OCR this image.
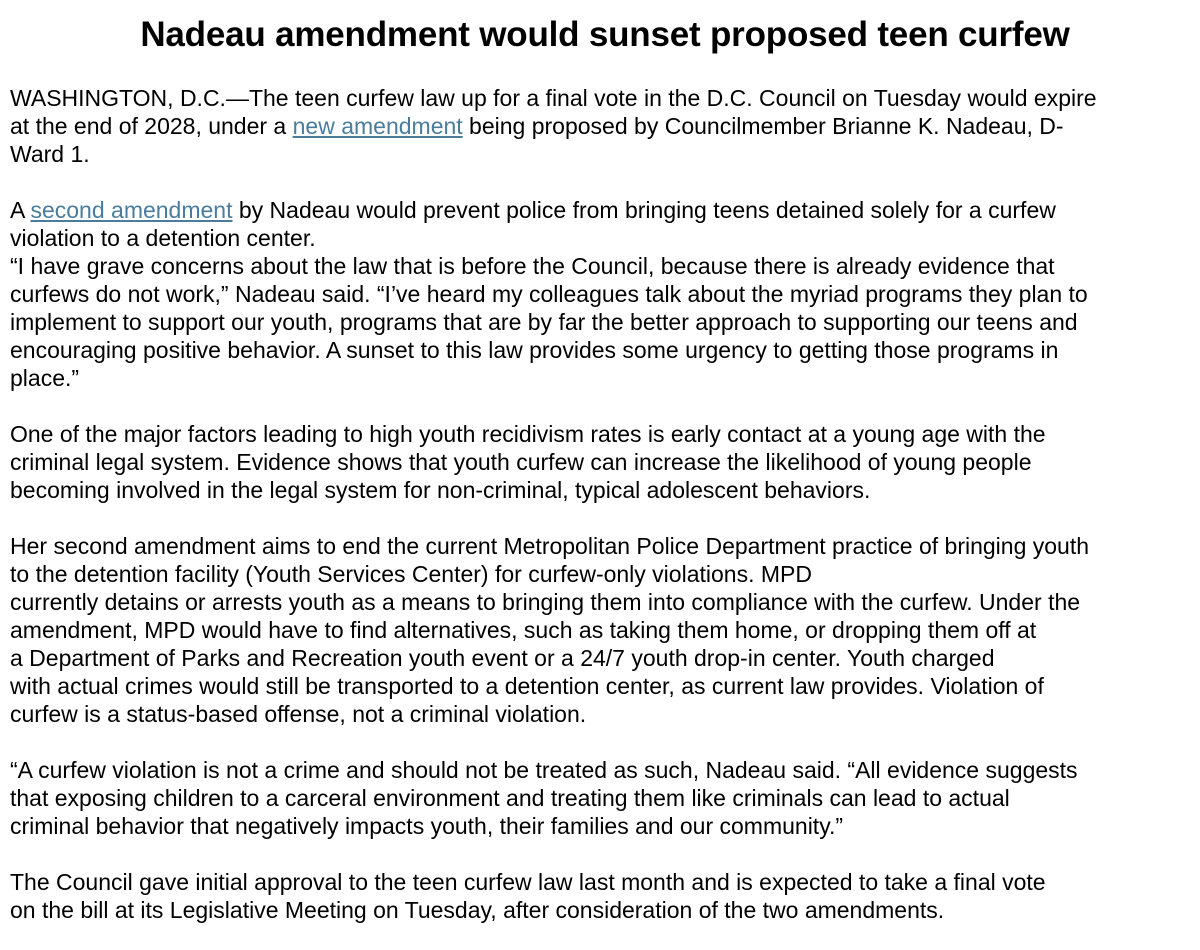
Nadeau amendment would sunset proposed teen curfew

WASHINGTON, D.C.—The teen curfew law up for a final vote in the D.C. Council on Tuesday would expire
at the end of 2028, under a new amendment being proposed by Councilmember Brianne K. Nadeau, D-
Ward 1.

A second amendment by Nadeau would prevent police from bringing teens detained solely for a curfew
violation to a detention center.

“I have grave concerns about the law that is before the Council, because there is already evidence that
curfews do not work,” Nadeau said. “I’ve heard my colleagues talk about the myriad programs they plan to
implement to support our youth, programs that are by far the better approach to supporting our teens and
encouraging positive behavior. A sunset to this law provides some urgency to getting those programs in
place.”

One of the major factors leading to high youth recidivism rates is early contact at a young age with the
criminal legal system. Evidence shows that youth curfew can increase the likelihood of young people
becoming involved in the legal system for non-criminal, typical adolescent behaviors.

Her second amendment aims to end the current Metropolitan Police Department practice of bringing youth
to the detention facility (Youth Services Center) for curfew-only violations. MPD
currently detains or arrests youth as a means to bringing them into compliance with the curfew. Under the
amendment, MPD would have to find alternatives, such as taking them home, or dropping them off at
a Department of Parks and Recreation youth event or a 24/7 youth drop-in center. Youth charged
with actual crimes would still be transported to a detention center, as current law provides. Violation of
curfew is a status-based offense, not a criminal violation.

“A curfew violation is not a crime and should not be treated as such, Nadeau said. “All evidence suggests
that exposing children to a carceral environment and treating them like criminals can lead to actual
criminal behavior that negatively impacts youth, their families and our community.”

The Council gave initial approval to the teen curfew law last month and is expected to take a final vote
on the bill at its Legislative Meeting on Tuesday, after consideration of the two amendments.
